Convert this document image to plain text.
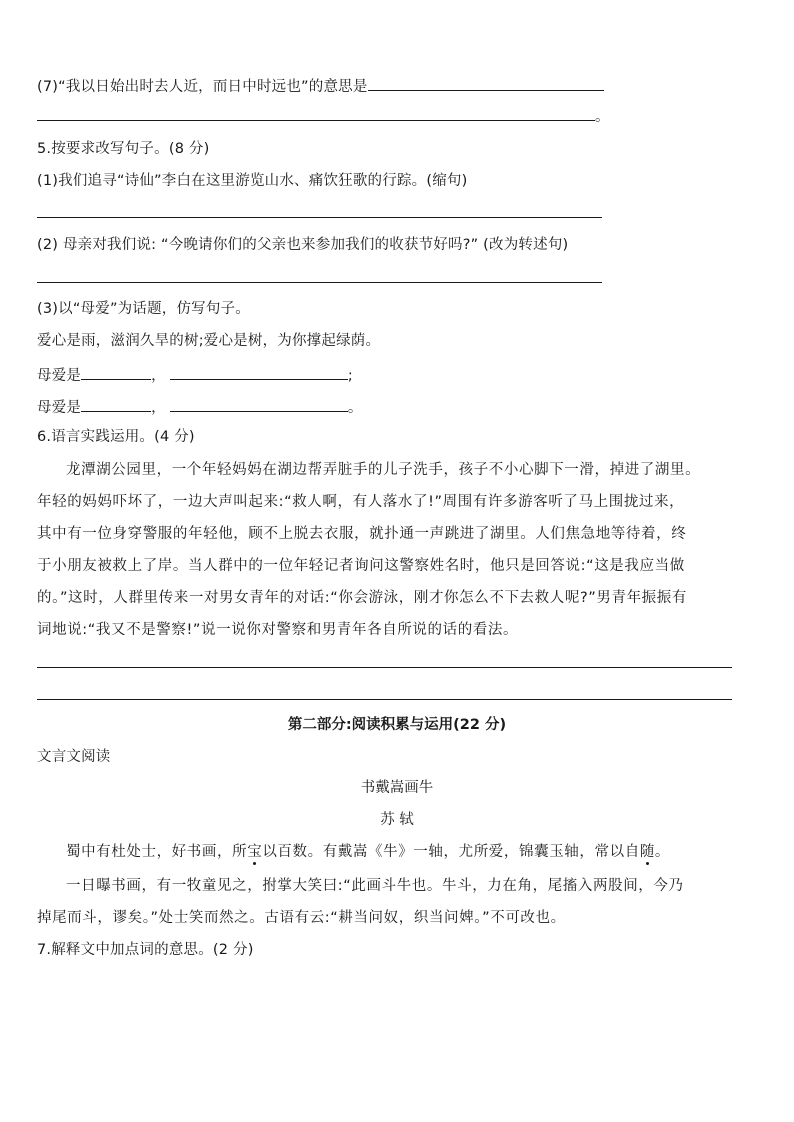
(7)“我以日始出时去人近，而日中时远也”的意思是
。
5.按要求改写句子。(8 分)
(1)我们追寻“诗仙”李白在这里游览山水、痛饮狂歌的行踪。(缩句)
(2) 母亲对我们说: “今晚请你们的父亲也来参加我们的收获节好吗?” (改为转述句)
(3)以“母爱”为话题，仿写句子。
爱心是雨，滋润久旱的树;爱心是树，为你撑起绿荫。
母爱是	，	;
母爱是	，	。
6.语言实践运用。(4 分)
龙潭湖公园里，一个年轻妈妈在湖边帮弄脏手的儿子洗手，孩子不小心脚下一滑，掉进了湖里。
年轻的妈妈吓坏了，一边大声叫起来:“救人啊，有人落水了!”周围有许多游客听了马上围拢过来，
其中有一位身穿警服的年轻他，顾不上脱去衣服，就扑通一声跳进了湖里。人们焦急地等待着，终
于小朋友被救上了岸。当人群中的一位年轻记者询问这警察姓名时，他只是回答说:“这是我应当做
的。”这时，人群里传来一对男女青年的对话:“你会游泳，刚才你怎么不下去救人呢?”男青年振振有
词地说:“我又不是警察!”说一说你对警察和男青年各自所说的话的看法。
第二部分:阅读积累与运用(22 分)
文言文阅读
书戴嵩画牛
苏 轼
蜀中有杜处士，好书画，所宝以百数。有戴嵩《牛》一轴，尤所爱，锦囊玉轴，常以自随。
一日曝书画，有一牧童见之，拊掌大笑曰:“此画斗牛也。牛斗，力在角，尾搐入两股间，今乃
掉尾而斗，谬矣。”处士笑而然之。古语有云:“耕当问奴，织当问婢。”不可改也。
7.解释文中加点词的意思。(2 分)
